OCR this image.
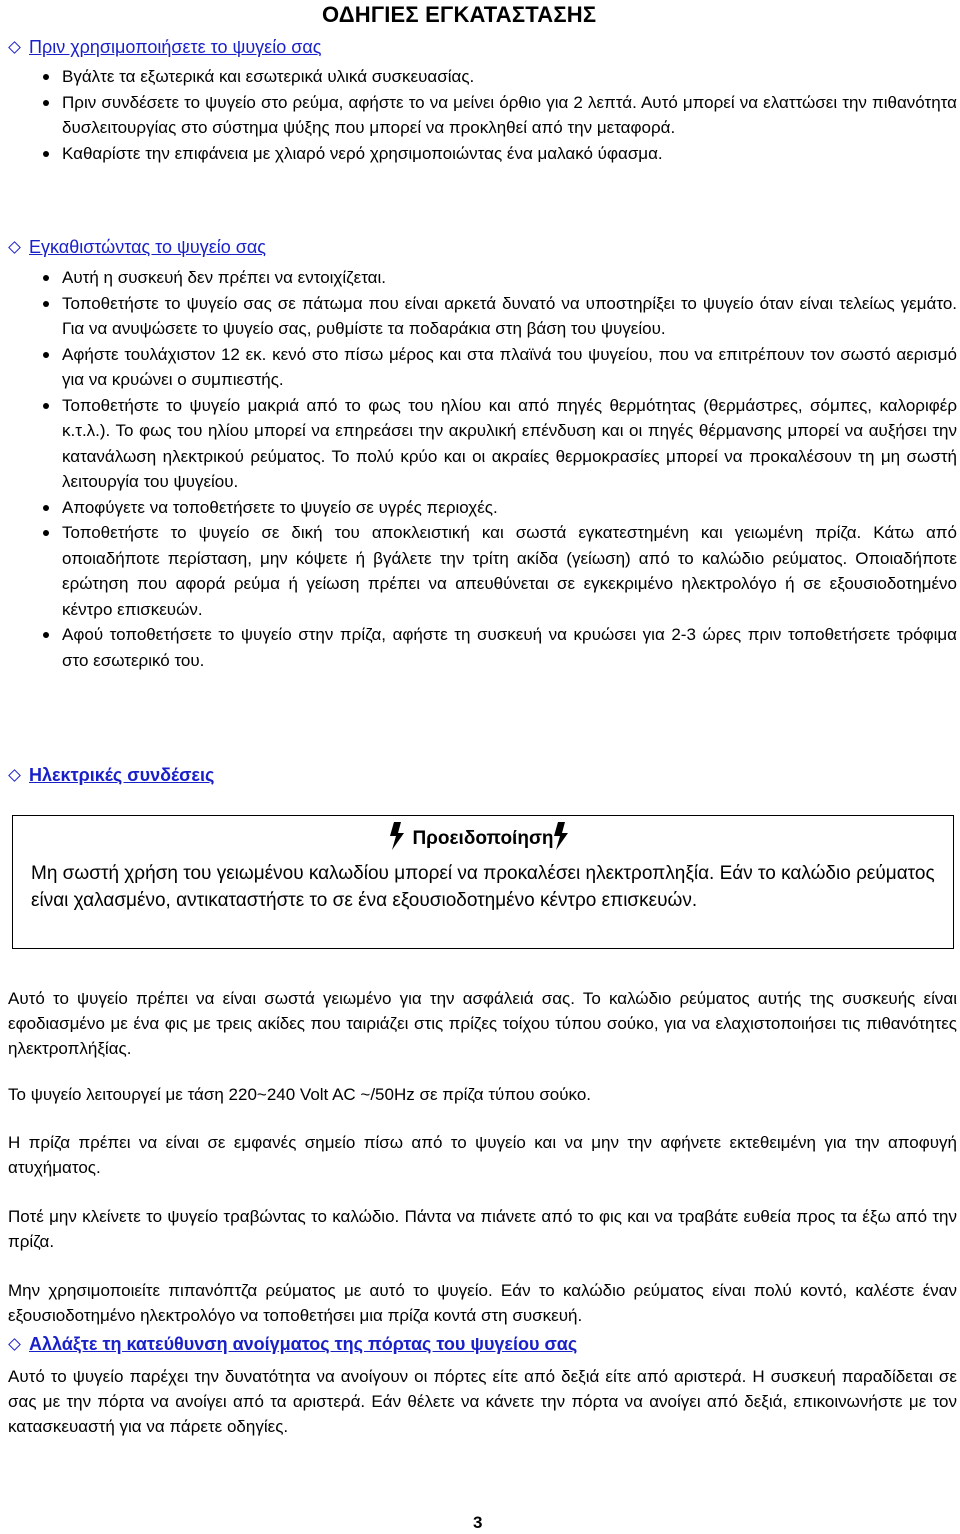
ΟΔΗΓΙΕΣ ΕΓΚΑΤΑΣΤΑΣΗΣ
Πριν χρησιμοποιήσετε το ψυγείο σας
Βγάλτε τα εξωτερικά και εσωτερικά υλικά συσκευασίας.
Πριν συνδέσετε το ψυγείο στο ρεύμα, αφήστε το να μείνει όρθιο για 2 λεπτά. Αυτό μπορεί να ελαττώσει την πιθανότητα δυσλειτουργίας στο σύστημα ψύξης που μπορεί να προκληθεί από την μεταφορά.
Καθαρίστε την επιφάνεια με χλιαρό νερό χρησιμοποιώντας ένα μαλακό ύφασμα.
Εγκαθιστώντας το ψυγείο σας
Αυτή η συσκευή δεν πρέπει να εντοιχίζεται.
Τοποθετήστε το ψυγείο σας σε πάτωμα που είναι αρκετά δυνατό να υποστηρίξει το ψυγείο όταν είναι τελείως γεμάτο. Για να ανυψώσετε το ψυγείο σας, ρυθμίστε τα ποδαράκια στη βάση του ψυγείου.
Αφήστε τουλάχιστον 12 εκ. κενό στο πίσω μέρος και στα πλαϊνά του ψυγείου, που να επιτρέπουν τον σωστό αερισμό για να κρυώνει ο συμπιεστής.
Τοποθετήστε το ψυγείο μακριά από το φως του ηλίου και από πηγές θερμότητας (θερμάστρες, σόμπες, καλοριφέρ κ.τ.λ.). Το φως του ηλίου μπορεί να επηρεάσει την ακρυλική επένδυση και οι πηγές θέρμανσης μπορεί να αυξήσει την κατανάλωση ηλεκτρικού ρεύματος. Το πολύ κρύο και οι ακραίες θερμοκρασίες μπορεί να προκαλέσουν τη μη σωστή λειτουργία του ψυγείου.
Αποφύγετε να τοποθετήσετε το ψυγείο σε υγρές περιοχές.
Τοποθετήστε το ψυγείο σε δική του αποκλειστική και σωστά εγκατεστημένη και γειωμένη πρίζα. Κάτω από οποιαδήποτε περίσταση, μην κόψετε ή βγάλετε την τρίτη ακίδα (γείωση) από το καλώδιο ρεύματος. Οποιαδήποτε ερώτηση που αφορά ρεύμα ή γείωση πρέπει να απευθύνεται σε εγκεκριμένο ηλεκτρολόγο ή σε εξουσιοδοτημένο κέντρο επισκευών.
Αφού τοποθετήσετε το ψυγείο στην πρίζα, αφήστε τη συσκευή να κρυώσει για 2-3 ώρες πριν τοποθετήσετε τρόφιμα στο εσωτερικό του.
Ηλεκτρικές συνδέσεις
Προειδοποίηση
Μη σωστή χρήση του γειωμένου καλωδίου μπορεί να προκαλέσει ηλεκτροπληξία. Εάν το καλώδιο ρεύματος είναι χαλασμένο, αντικαταστήστε το σε ένα εξουσιοδοτημένο κέντρο επισκευών.
Αυτό το ψυγείο πρέπει να είναι σωστά γειωμένο για την ασφάλειά σας. Το καλώδιο ρεύματος αυτής της συσκευής είναι εφοδιασμένο με ένα φις με τρεις ακίδες που ταιριάζει στις πρίζες τοίχου τύπου σούκο, για να ελαχιστοποιήσει τις πιθανότητες ηλεκτροπλήξίας.
Το ψυγείο λειτουργεί με τάση 220~240 Volt AC ~/50Hz σε πρίζα τύπου σούκο.
Η πρίζα πρέπει να είναι σε εμφανές σημείο πίσω από το ψυγείο και να μην την αφήνετε εκτεθειμένη για την αποφυγή ατυχήματος.
Ποτέ μην κλείνετε το ψυγείο τραβώντας το καλώδιο. Πάντα να πιάνετε από το φις και να τραβάτε ευθεία προς τα έξω από την πρίζα.
Μην χρησιμοποιείτε πιπανόπτζα ρεύματος με αυτό το ψυγείο. Εάν το καλώδιο ρεύματος είναι πολύ κοντό, καλέστε έναν εξουσιοδοτημένο ηλεκτρολόγο να τοποθετήσει μια πρίζα κοντά στη συσκευή.
Αλλάξτε τη κατεύθυνση ανοίγματος της πόρτας του ψυγείου σας
Αυτό το ψυγείο παρέχει την δυνατότητα να ανοίγουν οι πόρτες είτε από δεξιά είτε από αριστερά. Η συσκευή παραδίδεται σε σας με την πόρτα να ανοίγει από τα αριστερά. Εάν θέλετε να κάνετε την πόρτα να ανοίγει από δεξιά, επικοινωνήστε με τον κατασκευαστή για να πάρετε οδηγίες.
3
